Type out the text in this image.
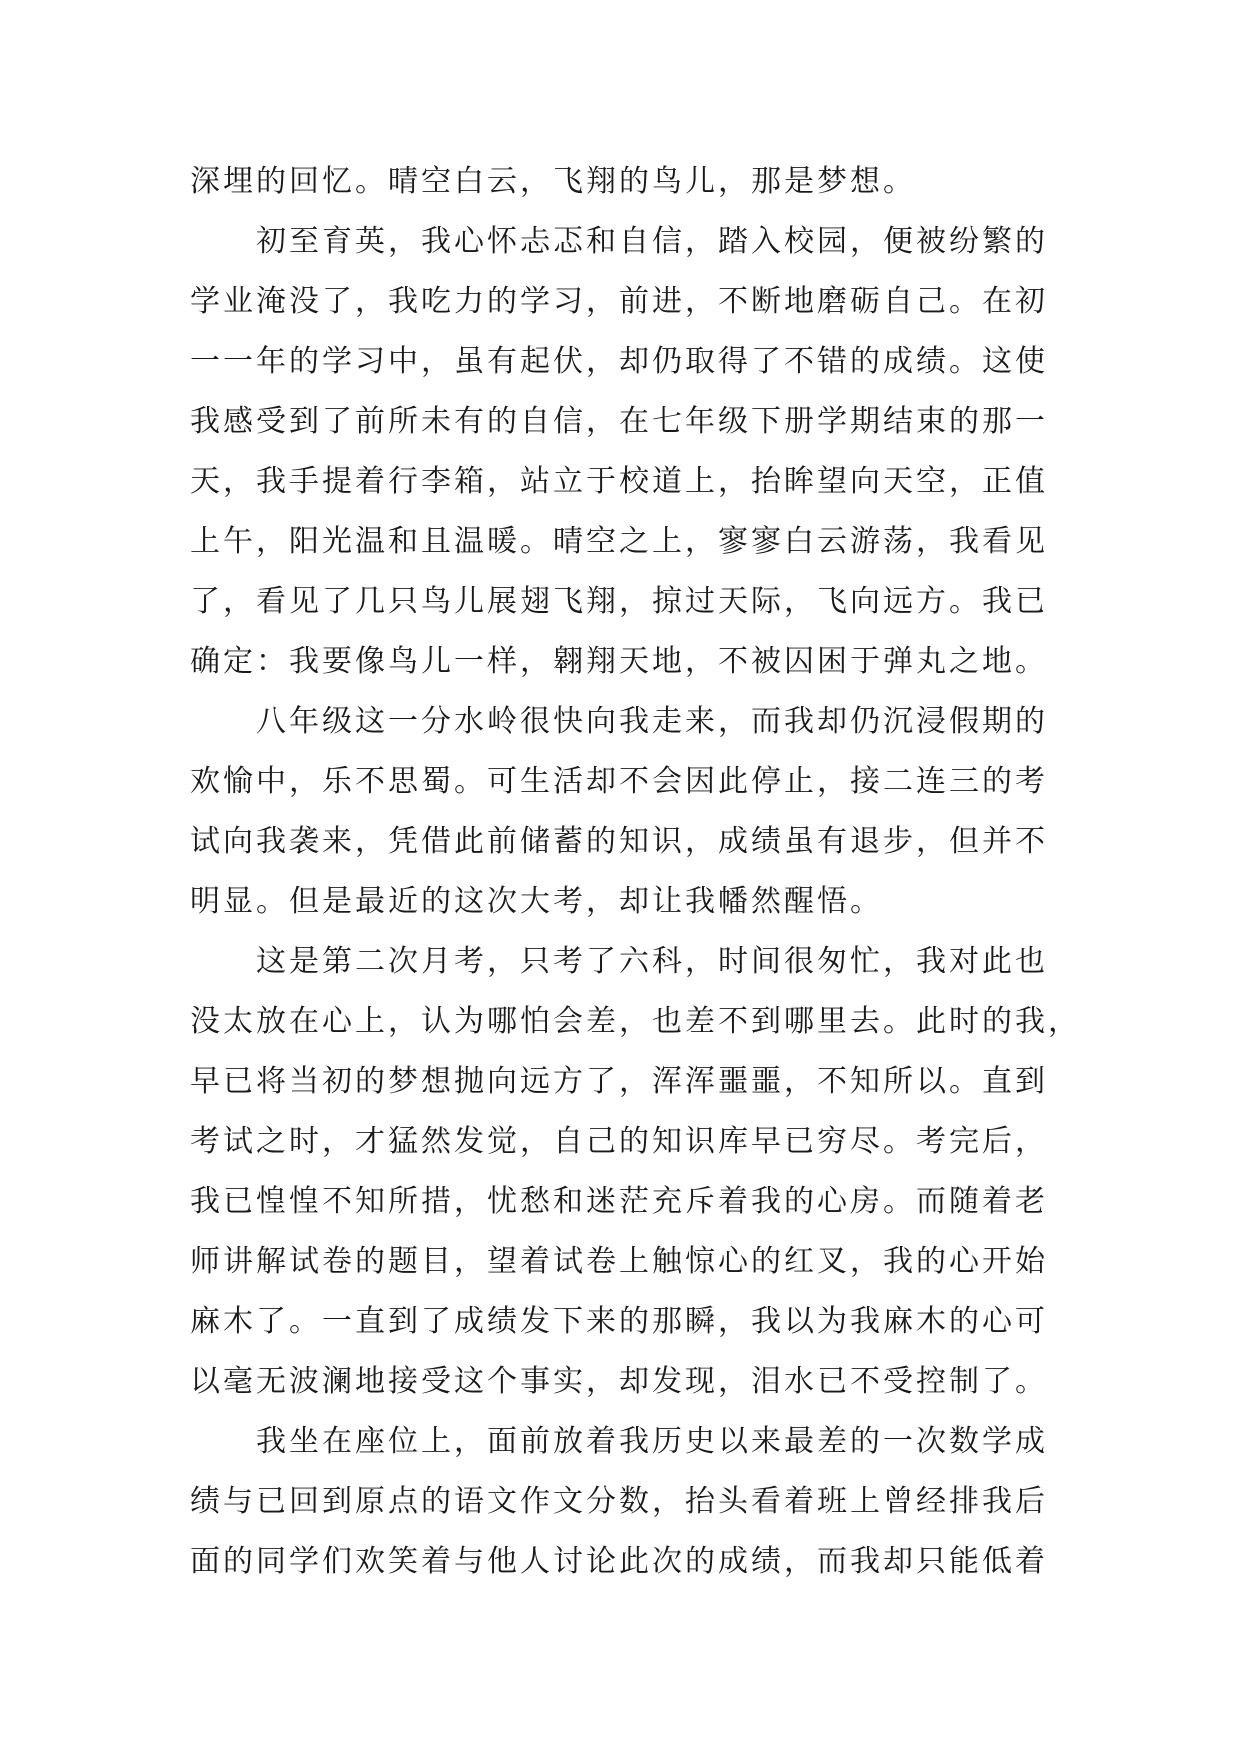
深埋的回忆。晴空白云，飞翔的鸟儿，那是梦想。
初至育英，我心怀忐忑和自信，踏入校园，便被纷繁的
学业淹没了，我吃力的学习，前进，不断地磨砺自己。在初
一一年的学习中，虽有起伏，却仍取得了不错的成绩。这使
我感受到了前所未有的自信，在七年级下册学期结束的那一
天，我手提着行李箱，站立于校道上，抬眸望向天空，正值
上午，阳光温和且温暖。晴空之上，寥寥白云游荡，我看见
了，看见了几只鸟儿展翅飞翔，掠过天际，飞向远方。我已
确定：我要像鸟儿一样，翱翔天地，不被囚困于弹丸之地。
八年级这一分水岭很快向我走来，而我却仍沉浸假期的
欢愉中，乐不思蜀。可生活却不会因此停止，接二连三的考
试向我袭来，凭借此前储蓄的知识，成绩虽有退步，但并不
明显。但是最近的这次大考，却让我幡然醒悟。
这是第二次月考，只考了六科，时间很匆忙，我对此也
没太放在心上，认为哪怕会差，也差不到哪里去。此时的我，
早已将当初的梦想抛向远方了，浑浑噩噩，不知所以。直到
考试之时，才猛然发觉，自己的知识库早已穷尽。考完后，
我已惶惶不知所措，忧愁和迷茫充斥着我的心房。而随着老
师讲解试卷的题目，望着试卷上触惊心的红叉，我的心开始
麻木了。一直到了成绩发下来的那瞬，我以为我麻木的心可
以毫无波澜地接受这个事实，却发现，泪水已不受控制了。
我坐在座位上，面前放着我历史以来最差的一次数学成
绩与已回到原点的语文作文分数，抬头看着班上曾经排我后
面的同学们欢笑着与他人讨论此次的成绩，而我却只能低着
